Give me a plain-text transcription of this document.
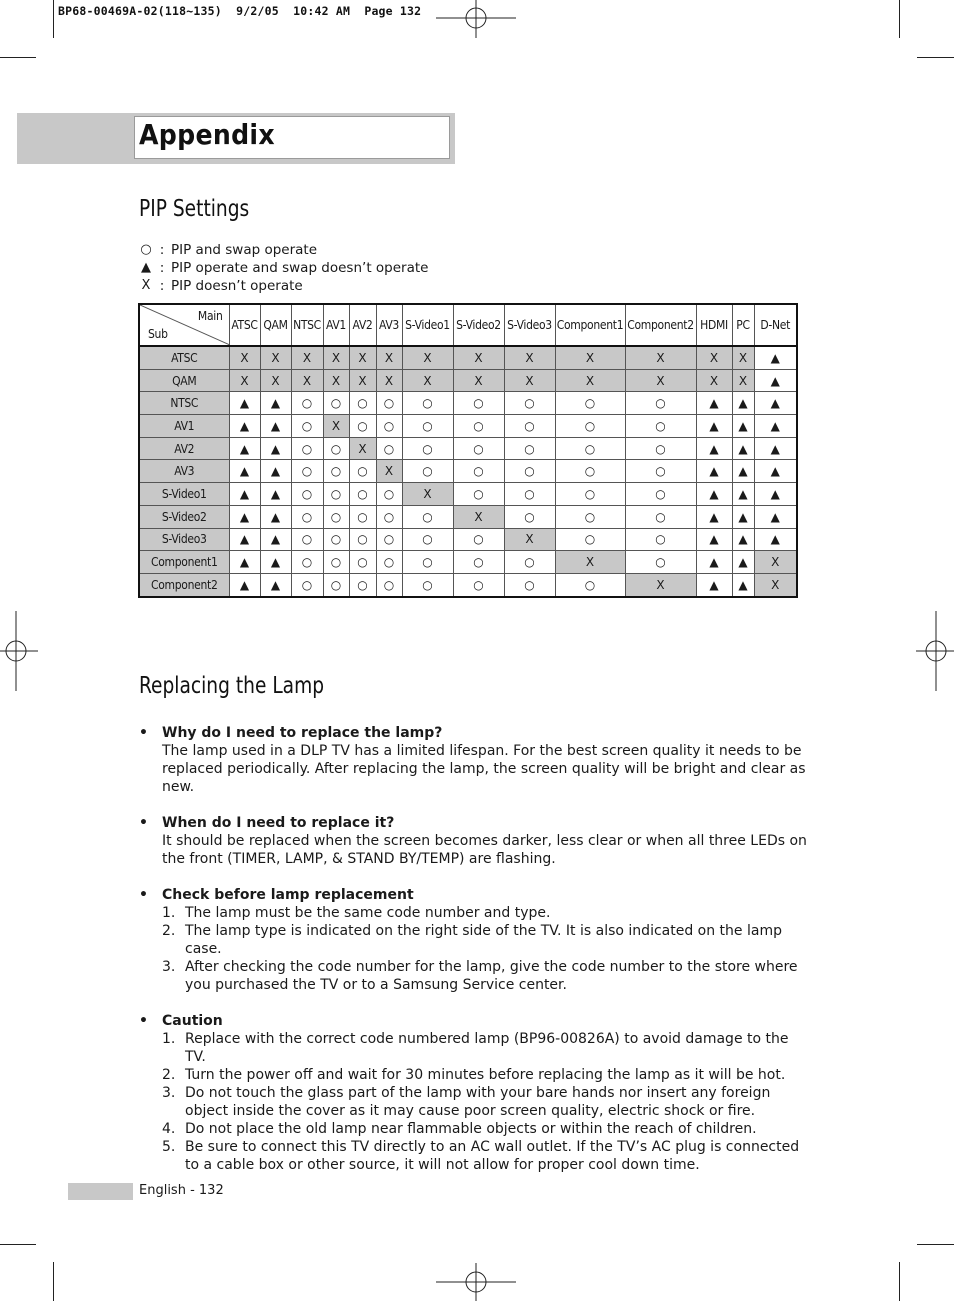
BP68-00469A-02(118~135)  9/2/05  10:42 AM  Page 132
Appendix
PIP Settings
○ : PIP and swap operate
▲ : PIP operate and swap doesn’t operate
X : PIP doesn’t operate
Main
Sub	ATSC	QAM	NTSC	AV1	AV2	AV3	S-Video1	S-Video2	S-Video3	Component1	Component2	HDMI	PC	D-Net
ATSC	X	X	X	X	X	X	X	X	X	X	X	X	X	▲
QAM	X	X	X	X	X	X	X	X	X	X	X	X	X	▲
NTSC	▲	▲	○	○	○	○	○	○	○	○	○	▲	▲	▲
AV1	▲	▲	○	X	○	○	○	○	○	○	○	▲	▲	▲
AV2	▲	▲	○	○	X	○	○	○	○	○	○	▲	▲	▲
AV3	▲	▲	○	○	○	X	○	○	○	○	○	▲	▲	▲
S-Video1	▲	▲	○	○	○	○	X	○	○	○	○	▲	▲	▲
S-Video2	▲	▲	○	○	○	○	○	X	○	○	○	▲	▲	▲
S-Video3	▲	▲	○	○	○	○	○	○	X	○	○	▲	▲	▲
Component1	▲	▲	○	○	○	○	○	○	○	X	○	▲	▲	X
Component2	▲	▲	○	○	○	○	○	○	○	○	X	▲	▲	X
Replacing the Lamp
•	Why do I need to replace the lamp?
The lamp used in a DLP TV has a limited lifespan. For the best screen quality it needs to be replaced periodically. After replacing the lamp, the screen quality will be bright and clear as new.
•	When do I need to replace it?
It should be replaced when the screen becomes darker, less clear or when all three LEDs on the front (TIMER, LAMP, & STAND BY/TEMP) are flashing.
•	Check before lamp replacement
1. The lamp must be the same code number and type.
2. The lamp type is indicated on the right side of the TV. It is also indicated on the lamp case.
3. After checking the code number for the lamp, give the code number to the store where you purchased the TV or to a Samsung Service center.
•	Caution
1. Replace with the correct code numbered lamp (BP96-00826A) to avoid damage to the TV.
2. Turn the power off and wait for 30 minutes before replacing the lamp as it will be hot.
3. Do not touch the glass part of the lamp with your bare hands nor insert any foreign object inside the cover as it may cause poor screen quality, electric shock or fire.
4. Do not place the old lamp near flammable objects or within the reach of children.
5. Be sure to connect this TV directly to an AC wall outlet. If the TV’s AC plug is connected to a cable box or other source, it will not allow for proper cool down time.
English - 132
